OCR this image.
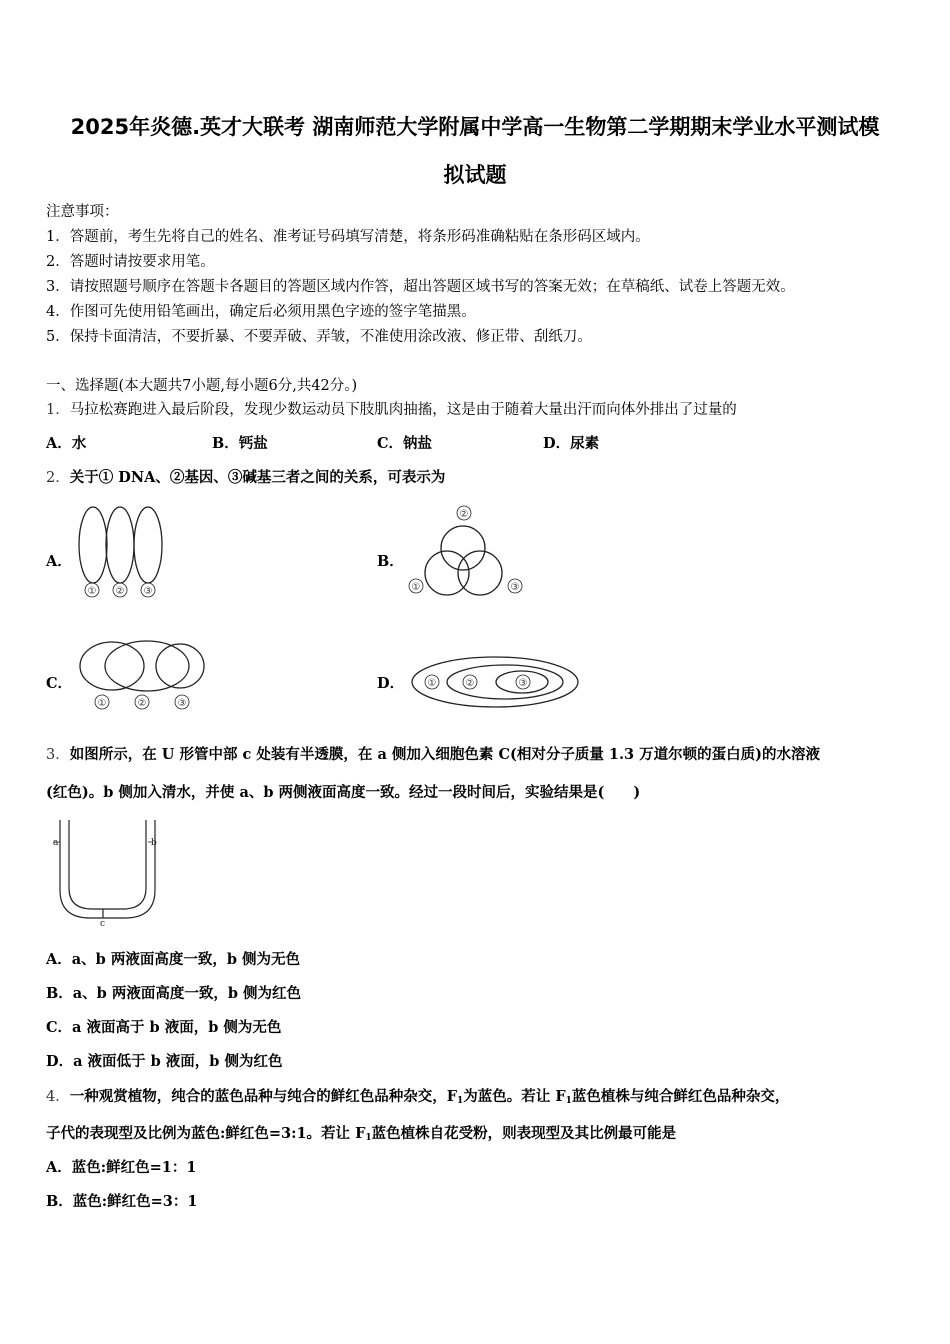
2025年炎德.英才大联考 湖南师范大学附属中学高一生物第二学期期末学业水平测试模
拟试题
注意事项：
1．答题前，考生先将自己的姓名、准考证号码填写清楚，将条形码准确粘贴在条形码区域内。
2．答题时请按要求用笔。
3．请按照题号顺序在答题卡各题目的答题区域内作答，超出答题区域书写的答案无效；在草稿纸、试卷上答题无效。
4．作图可先使用铅笔画出，确定后必须用黑色字迹的签字笔描黑。
5．保持卡面清洁，不要折暴、不要弄破、弄皱，不准使用涂改液、修正带、刮纸刀。
一、选择题(本大题共7小题,每小题6分,共42分。)
1．马拉松赛跑进入最后阶段，发现少数运动员下肢肌肉抽搐，这是由于随着大量出汗而向体外排出了过量的
A．水	B．钙盐	C．钠盐	D．尿素
2．关于① DNA、②基因、③碱基三者之间的关系，可表示为
A．	B．
C．	D．
① ② ③	①
②
③
①	②	③
①	②	③
3．如图所示，在 U 形管中部 c 处装有半透膜，在 a 侧加入细胞色素 C(相对分子质量 1.3 万道尔顿的蛋白质)的水溶液
(红色)。b 侧加入清水，并使 a、b 两侧液面高度一致。经过一段时间后，实验结果是(　　)
a	b
c
A．a、b 两液面高度一致，b 侧为无色
B．a、b 两液面高度一致，b 侧为红色
C．a 液面高于 b 液面，b 侧为无色
D．a 液面低于 b 液面，b 侧为红色
4．一种观赏植物，纯合的蓝色品种与纯合的鲜红色品种杂交，$F_1$为蓝色。若让 $F_1$蓝色植株与纯合鲜红色品种杂交，
子代的表现型及比例为蓝色:鲜红色=3:1。若让 $F_1$蓝色植株自花受粉，则表现型及其比例最可能是
A．蓝色:鲜红色=1：1
B．蓝色:鲜红色=3：1
